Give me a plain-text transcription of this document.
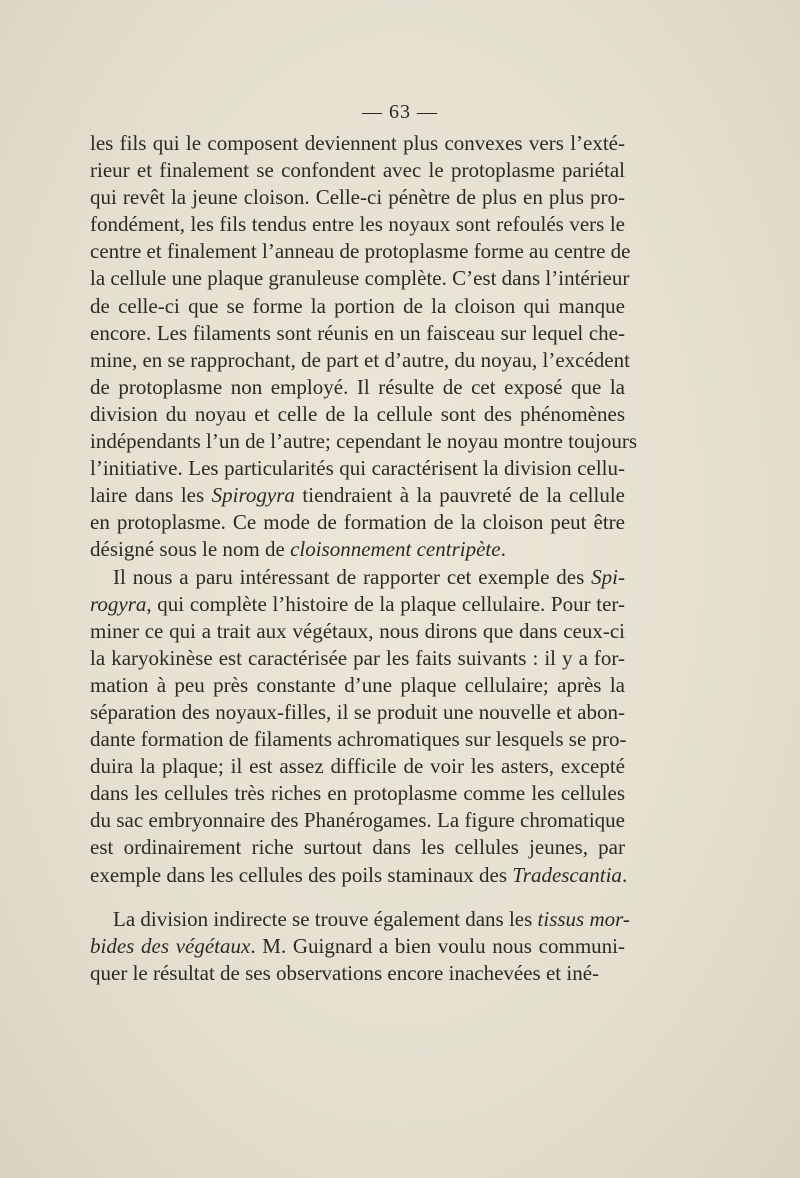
— 63 —
les fils qui le composent deviennent plus convexes vers l’exté-
rieur et finalement se confondent avec le protoplasme pariétal
qui revêt la jeune cloison. Celle-ci pénètre de plus en plus pro-
fondément, les fils tendus entre les noyaux sont refoulés vers le
centre et finalement l’anneau de protoplasme forme au centre de
la cellule une plaque granuleuse complète. C’est dans l’intérieur
de celle-ci que se forme la portion de la cloison qui manque
encore. Les filaments sont réunis en un faisceau sur lequel che-
mine, en se rapprochant, de part et d’autre, du noyau, l’excédent
de protoplasme non employé. Il résulte de cet exposé que la
division du noyau et celle de la cellule sont des phénomènes
indépendants l’un de l’autre; cependant le noyau montre toujours
l’initiative. Les particularités qui caractérisent la division cellu-
laire dans les Spirogyra tiendraient à la pauvreté de la cellule
en protoplasme. Ce mode de formation de la cloison peut être
désigné sous le nom de cloisonnement centripète.
Il nous a paru intéressant de rapporter cet exemple des Spi-
rogyra, qui complète l’histoire de la plaque cellulaire. Pour ter-
miner ce qui a trait aux végétaux, nous dirons que dans ceux-ci
la karyokinèse est caractérisée par les faits suivants : il y a for-
mation à peu près constante d’une plaque cellulaire; après la
séparation des noyaux-filles, il se produit une nouvelle et abon-
dante formation de filaments achromatiques sur lesquels se pro-
duira la plaque; il est assez difficile de voir les asters, excepté
dans les cellules très riches en protoplasme comme les cellules
du sac embryonnaire des Phanérogames. La figure chromatique
est ordinairement riche surtout dans les cellules jeunes, par
exemple dans les cellules des poils staminaux des Tradescantia.
La division indirecte se trouve également dans les tissus mor-
bides des végétaux. M. Guignard a bien voulu nous communi-
quer le résultat de ses observations encore inachevées et iné-
